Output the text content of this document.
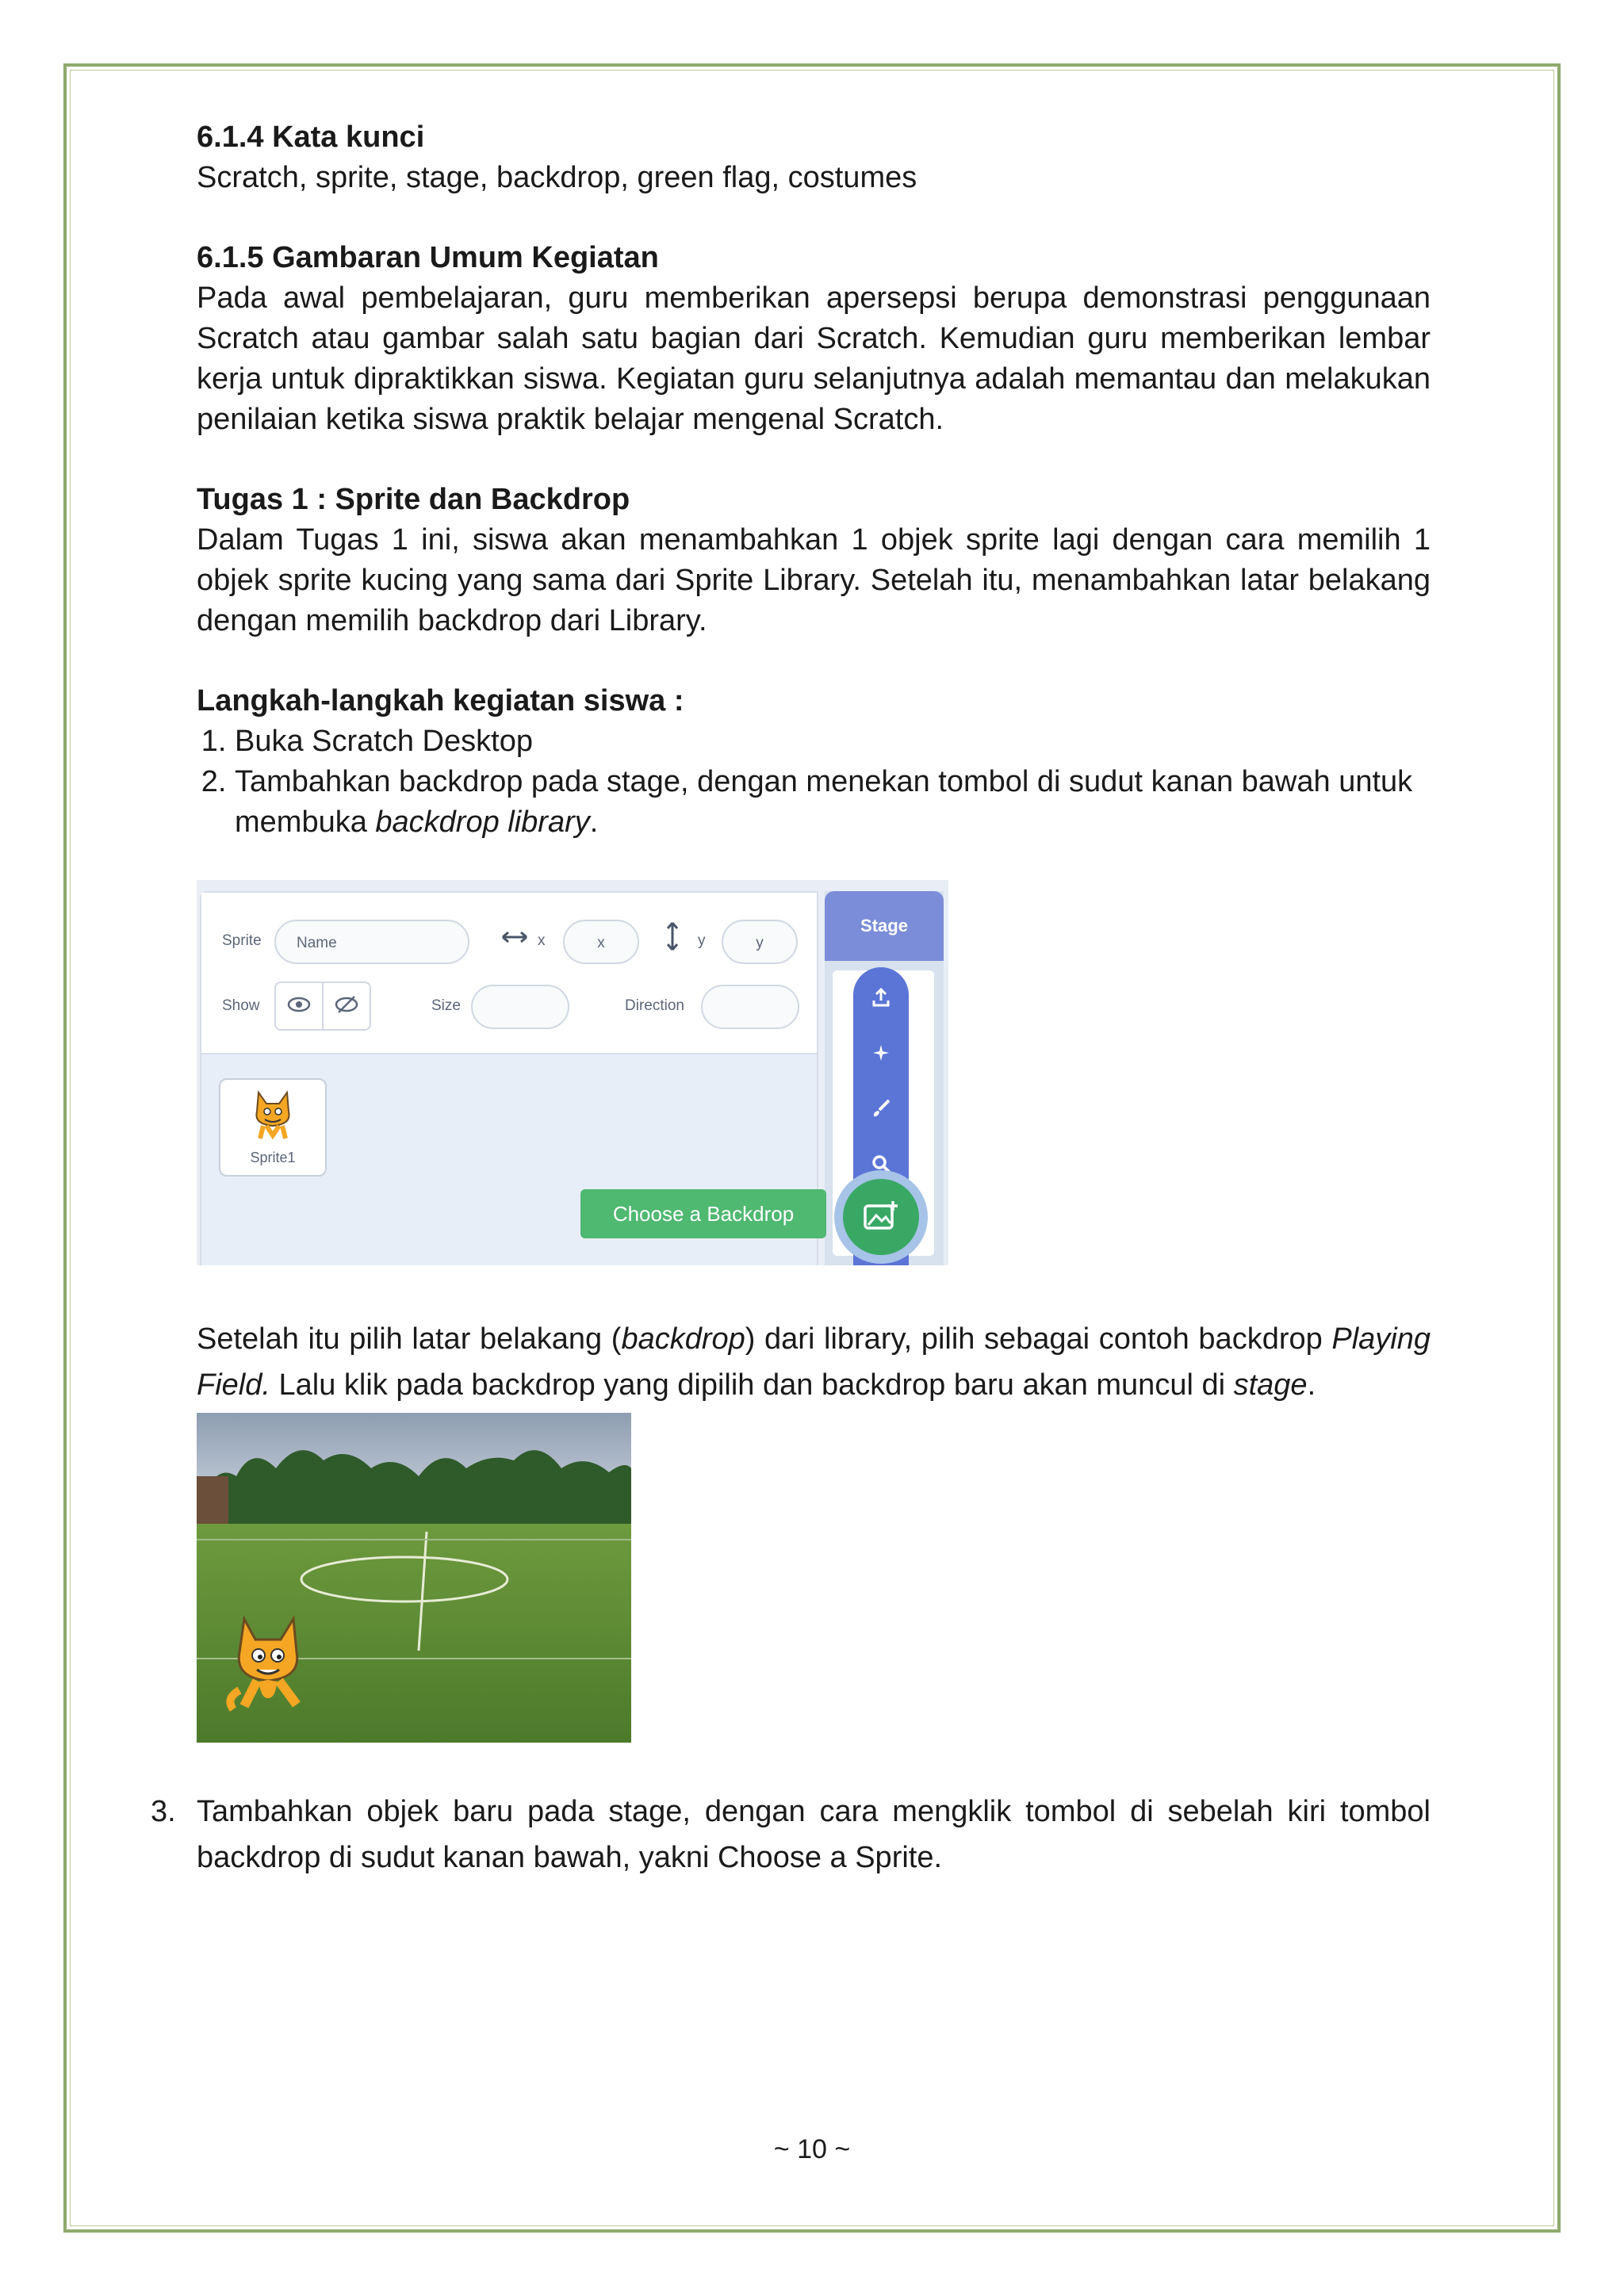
6.1.4 Kata kunci

Scratch, sprite, stage, backdrop, green flag, costumes

6.1.5 Gambaran Umum Kegiatan

Pada awal pembelajaran, guru memberikan apersepsi berupa demonstrasi penggunaan Scratch atau gambar salah satu bagian dari Scratch. Kemudian guru memberikan lembar kerja untuk dipraktikkan siswa. Kegiatan guru selanjutnya adalah memantau dan melakukan penilaian ketika siswa praktik belajar mengenal Scratch.

Tugas 1 : Sprite dan Backdrop

Dalam Tugas 1 ini, siswa akan menambahkan 1 objek sprite lagi dengan cara memilih 1 objek sprite kucing yang sama dari Sprite Library. Setelah itu, menambahkan latar belakang dengan memilih backdrop dari Library.

Langkah-langkah kegiatan siswa :

1. Buka Scratch Desktop
2. Tambahkan backdrop pada stage, dengan menekan tombol di sudut kanan bawah untuk membuka backdrop library.
Sprite	Name	x	x	y	y
Show	Size	Direction
Sprite1
Stage
Choose a Backdrop
Setelah itu pilih latar belakang (backdrop) dari library, pilih sebagai contoh backdrop Playing Field. Lalu klik pada backdrop yang dipilih dan backdrop baru akan muncul di stage.
3. Tambahkan objek baru pada stage, dengan cara mengklik tombol di sebelah kiri tombol backdrop di sudut kanan bawah, yakni Choose a Sprite.
~ 10 ~
